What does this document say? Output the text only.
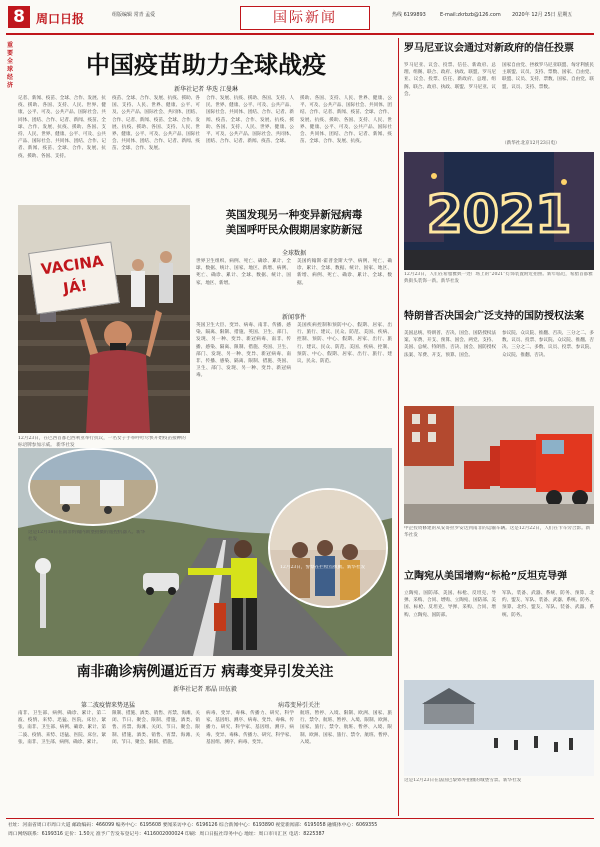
8 周口日报	组版编辑 常青 孟爱	国际新闻	热线 6199893	E-mail:zkrbzb@126.com 2020年 12月 25日 星期五
重要全球经济
中国疫苗助力全球战疫
新华社记者 华迭 江曼琳
记者、新闻、疫苗、全球、合作、发展、抗疫、援助、各国、支持、人民、世界、健康、公平、可及、公共产品、国际社会、共同体、团结、合作、记者、新闻、疫苗、全球、合作、发展、抗疫、援助、各国、支持、人民、世界、健康、公平、可及、公共产品、国际社会、共同体、团结、合作、记者、新闻、疫苗、全球、合作、发展、抗疫、援助、各国、支持。
疫苗、全球、合作、发展、抗疫、援助、各国、支持、人民、世界、健康、公平、可及、公共产品、国际社会、共同体、团结、合作、记者、新闻、疫苗、全球、合作、发展、抗疫、援助、各国、支持、人民、世界、健康、公平、可及、公共产品、国际社会、共同体、团结、合作、记者、新闻、疫苗、全球、合作、发展。
合作、发展、抗疫、援助、各国、支持、人民、世界、健康、公平、可及、公共产品、国际社会、共同体、团结、合作、记者、新闻、疫苗、全球、合作、发展、抗疫、援助、各国、支持、人民、世界、健康、公平、可及、公共产品、国际社会、共同体、团结、合作、记者、新闻、疫苗、全球。
援助、各国、支持、人民、世界、健康、公平、可及、公共产品、国际社会、共同体、团结、合作、记者、新闻、疫苗、全球、合作、发展、抗疫、援助、各国、支持、人民、世界、健康、公平、可及、公共产品、国际社会、共同体、团结、合作、记者、新闻、疫苗、全球、合作、发展、抗疫。
VACINA
JÁ!
12月23日，在巴西首都巴西利亚举行抗议，一名女子手举呼吁尽快开始疫苗接种的标语牌参加示威。 新华社发
英国发现另一种变异新冠病毒
美国呼吁民众假期居家防新冠
全球数据
世界卫生组织、病例、死亡、确诊、累计、全球、数据、统计、国家、地区、新增、病例、死亡、确诊、累计、全球、数据、统计、国家、地区、新增。
美国约翰斯·霍普金斯大学、病例、死亡、确诊、累计、全球、数据、统计、国家、地区、新增、病例、死亡、确诊、累计、全球、数据。
新闻事件
英国卫生大臣、变异、病毒、南非、传播、感染、隔离、限制、措施、英国、卫生、部门、发现、另一种、变异、新冠病毒、南非、传播、感染、隔离、限制、措施、英国、卫生、部门、发现、另一种、变异、新冠病毒、南非、传播、感染、隔离、限制、措施、英国、卫生、部门、发现、另一种、变异、新冠病毒。
美国疾病控制和预防中心、假期、居家、出行、旅行、建议、民众、防范、美国、疾病、控制、预防、中心、假期、居家、出行、旅行、建议、民众、防范、美国、疾病、控制、预防、中心、假期、居家、出行、旅行、建议、民众、防范。
12月23日，警察在拦检点执勤。新华社发
这是12月18日在南非约翰内斯堡拍摄的遥控机器人。新华社发
南非确诊病例逼近百万 病毒变异引发关注
新华社记者 邢晶 田伍毅
第二波疫情来势迅猛	病毒变异引关注
南非、卫生部、病例、确诊、累计、第二波、疫情、来势、迅猛、医院、床位、紧张、南非、卫生部、病例、确诊、累计、第二波、疫情、来势、迅猛、医院、床位、紧张、南非、卫生部、病例、确诊、累计。
限制、措施、酒类、销售、宵禁、海滩、关闭、节日、聚会、限制、措施、酒类、销售、宵禁、海滩、关闭、节日、聚会、限制、措施、酒类、销售、宵禁、海滩、关闭、节日、聚会、限制、措施。
病毒、变异、毒株、传播力、研究、科学家、基因组、测序、病毒、变异、毒株、传播力、研究、科学家、基因组、测序、病毒、变异、毒株、传播力、研究、科学家、基因组、测序、病毒、变异。
航班、暂停、入境、限制、欧洲、国家、旅行、禁令、航班、暂停、入境、限制、欧洲、国家、旅行、禁令、航班、暂停、入境、限制、欧洲、国家、旅行、禁令、航班、暂停、入境。
罗马尼亚议会通过对新政府的信任投票
罗马尼亚、议会、投票、信任、新政府、总理、组阁、联合、政府、执政、联盟、罗马尼亚、议会、投票、信任、新政府、总理、组阁、联合、政府、执政、联盟、罗马尼亚、议会。
国家自由党、拯救罗马尼亚联盟、匈牙利族民主联盟、议员、支持、票数、国家、自由党、联盟、议员、支持、票数、国家、自由党、联盟、议员、支持、票数。
（新华社北京12月23日电）
2021
12月23日，人们在希腊雅典一处广场上的“2021”灯饰装置附近拍照。新年临近，希腊首都雅典街头装饰一新。新华社发
特朗普否决国会广泛支持的国防授权法案
美国总统、特朗普、否决、国会、国防授权法案、军费、开支、预算、国会、两党、支持、美国、总统、特朗普、否决、国会、国防授权法案、军费、开支、预算、国会。
参议院、众议院、推翻、否决、三分之二、多数、议员、投票、参议院、众议院、推翻、否决、三分之二、多数、议员、投票、参议院、众议院、推翻、否决。
中企投资修建的从安哥拉罗安达到南非的运输车辆。这是12月22日，人们在卡车旁合影。新华社发
立陶宛从美国增购“标枪”反坦克导弹
立陶宛、国防部、美国、标枪、反坦克、导弹、采购、合同、增购、立陶宛、国防部、美国、标枪、反坦克、导弹、采购、合同、增购、立陶宛、国防部。
军队、装备、武器、系统、防务、预算、北约、盟友、军队、装备、武器、系统、防务、预算、北约、盟友、军队、装备、武器、系统、防务。
这是12月23日在法国巴黎郊外拍摄的城堡雪景。新华社发
社址：河南省周口市周口大道 邮政编码：466099 编务中心：6195608 要闻采访中心：6196126 综合新闻中心：6193890 视觉新闻部：6195058 融媒体中心：6069355
周口网络联系：6199316 定价：1.50元 准予广告发布登记号：4116002000024 印刷：周口日报社印务中心 地址：周口市川汇区 电话：8225387
